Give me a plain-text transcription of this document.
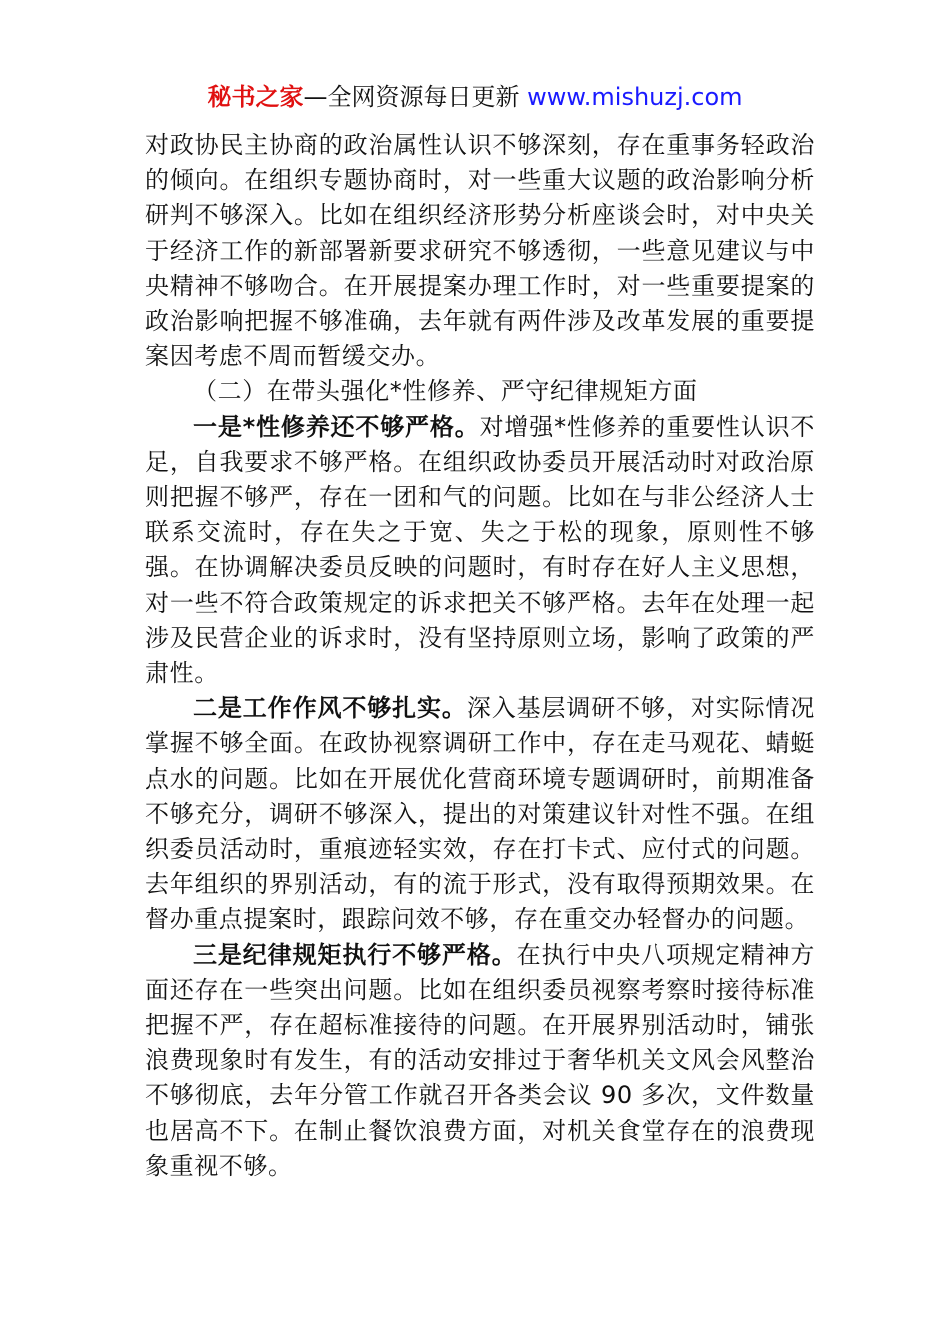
秘书之家—全网资源每日更新 www.mishuzj.com

对政协民主协商的政治属性认识不够深刻，存在重事务轻政治的倾向。在组织专题协商时，对一些重大议题的政治影响分析研判不够深入。比如在组织经济形势分析座谈会时，对中央关于经济工作的新部署新要求研究不够透彻，一些意见建议与中央精神不够吻合。在开展提案办理工作时，对一些重要提案的政治影响把握不够准确，去年就有两件涉及改革发展的重要提案因考虑不周而暂缓交办。

（二）在带头强化*性修养、严守纪律规矩方面

一是*性修养还不够严格。对增强*性修养的重要性认识不足，自我要求不够严格。在组织政协委员开展活动时对政治原则把握不够严，存在一团和气的问题。比如在与非公经济人士联系交流时，存在失之于宽、失之于松的现象，原则性不够强。在协调解决委员反映的问题时，有时存在好人主义思想，对一些不符合政策规定的诉求把关不够严格。去年在处理一起涉及民营企业的诉求时，没有坚持原则立场，影响了政策的严肃性。

二是工作作风不够扎实。深入基层调研不够，对实际情况掌握不够全面。在政协视察调研工作中，存在走马观花、蜻蜓点水的问题。比如在开展优化营商环境专题调研时，前期准备不够充分，调研不够深入，提出的对策建议针对性不强。在组织委员活动时，重痕迹轻实效，存在打卡式、应付式的问题。去年组织的界别活动，有的流于形式，没有取得预期效果。在督办重点提案时，跟踪问效不够，存在重交办轻督办的问题。

三是纪律规矩执行不够严格。在执行中央八项规定精神方面还存在一些突出问题。比如在组织委员视察考察时接待标准把握不严，存在超标准接待的问题。在开展界别活动时，铺张浪费现象时有发生，有的活动安排过于奢华机关文风会风整治不够彻底，去年分管工作就召开各类会议 90 多次，文件数量也居高不下。在制止餐饮浪费方面，对机关食堂存在的浪费现象重视不够。
